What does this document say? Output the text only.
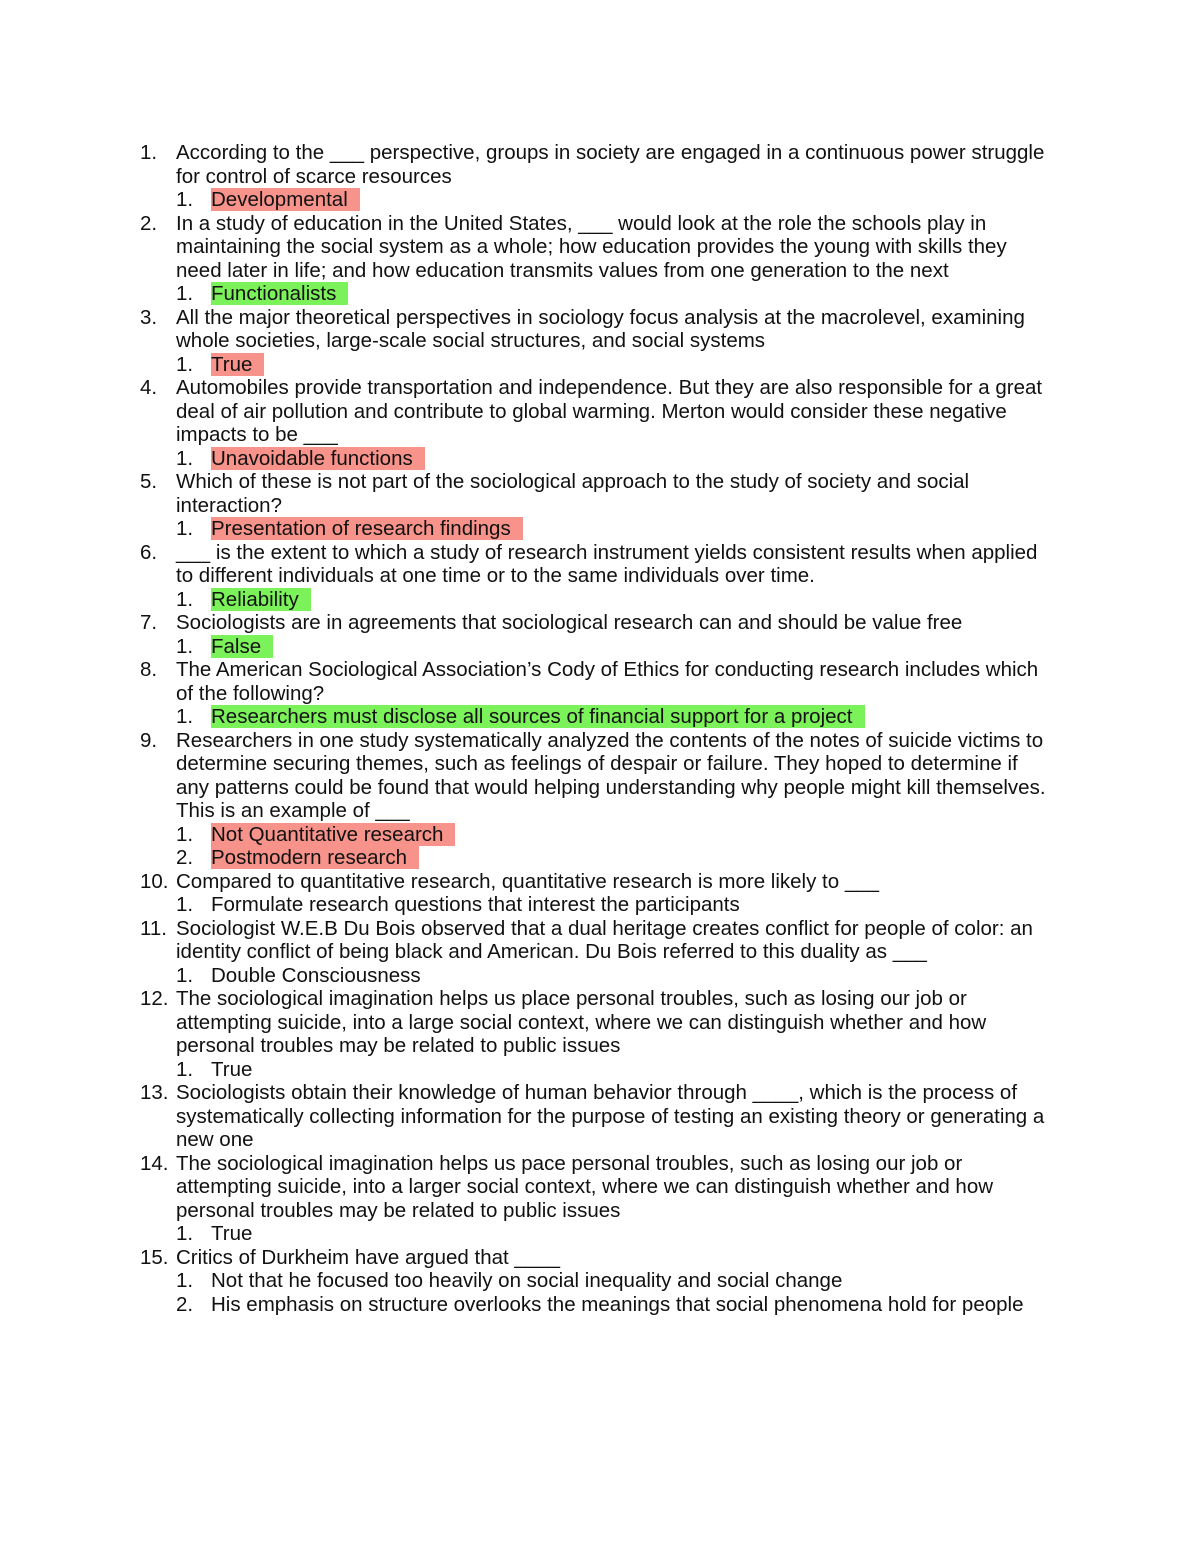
1. According to the ___ perspective, groups in society are engaged in a continuous power struggle for control of scarce resources
1. Developmental
2. In a study of education in the United States, ___ would look at the role the schools play in maintaining the social system as a whole; how education provides the young with skills they need later in life; and how education transmits values from one generation to the next
1. Functionalists
3. All the major theoretical perspectives in sociology focus analysis at the macrolevel, examining whole societies, large-scale social structures, and social systems
1. True
4. Automobiles provide transportation and independence. But they are also responsible for a great deal of air pollution and contribute to global warming. Merton would consider these negative impacts to be ___
1. Unavoidable functions
5. Which of these is not part of the sociological approach to the study of society and social interaction?
1. Presentation of research findings
6. ___ is the extent to which a study of research instrument yields consistent results when applied to different individuals at one time or to the same individuals over time.
1. Reliability
7. Sociologists are in agreements that sociological research can and should be value free
1. False
8. The American Sociological Association’s Cody of Ethics for conducting research includes which of the following?
1. Researchers must disclose all sources of financial support for a project
9. Researchers in one study systematically analyzed the contents of the notes of suicide victims to determine securing themes, such as feelings of despair or failure. They hoped to determine if any patterns could be found that would helping understanding why people might kill themselves. This is an example of ___
1. Not Quantitative research
2. Postmodern research
10. Compared to quantitative research, quantitative research is more likely to ___
1. Formulate research questions that interest the participants
11. Sociologist W.E.B Du Bois observed that a dual heritage creates conflict for people of color: an identity conflict of being black and American. Du Bois referred to this duality as ___
1. Double Consciousness
12. The sociological imagination helps us place personal troubles, such as losing our job or attempting suicide, into a large social context, where we can distinguish whether and how personal troubles may be related to public issues
1. True
13. Sociologists obtain their knowledge of human behavior through ____, which is the process of systematically collecting information for the purpose of testing an existing theory or generating a new one
14. The sociological imagination helps us pace personal troubles, such as losing our job or attempting suicide, into a larger social context, where we can distinguish whether and how personal troubles may be related to public issues
1. True
15. Critics of Durkheim have argued that ____
1. Not that he focused too heavily on social inequality and social change
2. His emphasis on structure overlooks the meanings that social phenomena hold for people
